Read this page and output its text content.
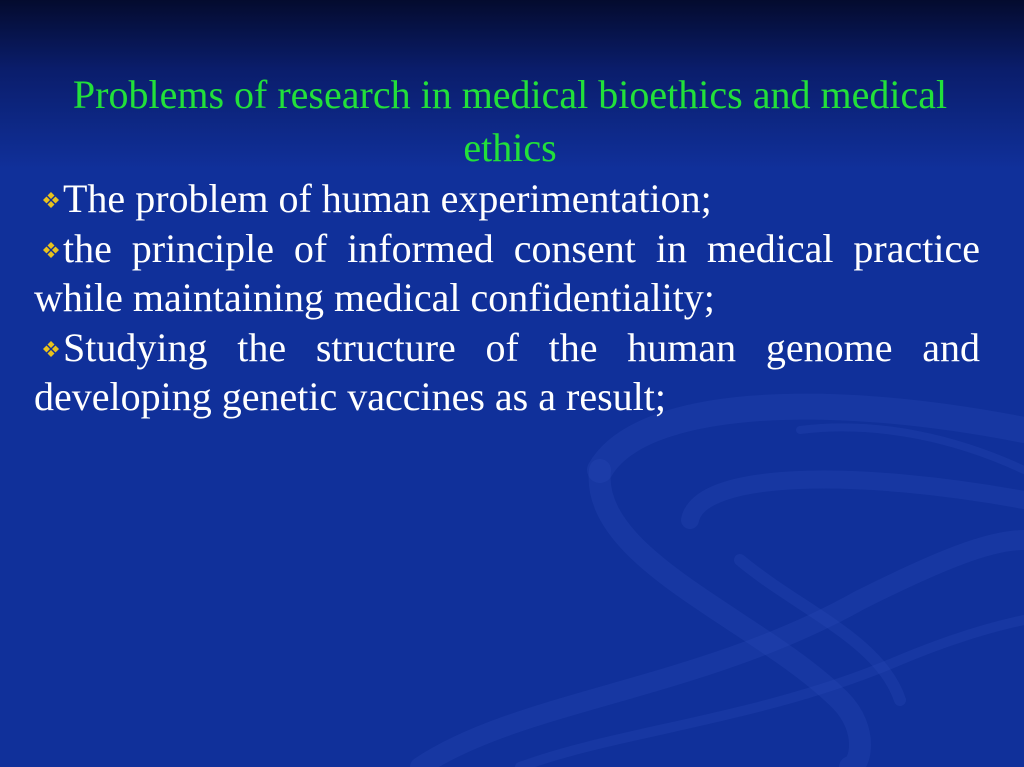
Problems of research in medical bioethics and medical ethics
The problem of human experimentation;
the principle of informed consent in medical practice while maintaining medical confidentiality;
Studying the structure of the human genome and developing genetic vaccines as a result;
